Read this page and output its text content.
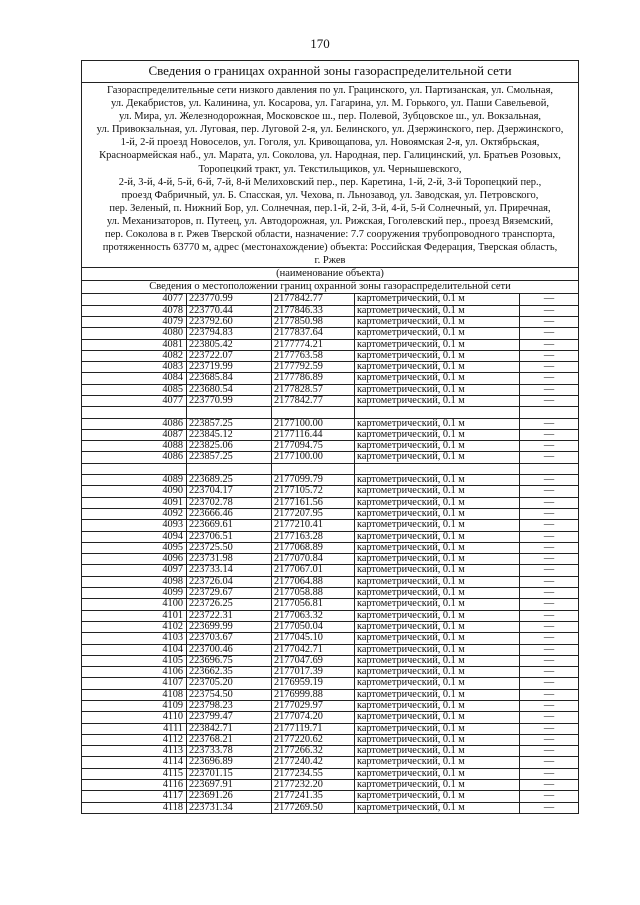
170
Сведения о границах охранной зоны газораспределительной сети
Газораспределительные сети низкого давления по ул. Грацинского, ул. Партизанская, ул. Смольная,
ул. Декабристов, ул. Калинина, ул. Косарова, ул. Гагарина, ул. М. Горького, ул. Паши Савельевой,
ул. Мира, ул. Железнодорожная, Московское ш., пер. Полевой, Зубцовское ш., ул. Вокзальная,
ул. Привокзальная, ул. Луговая, пер. Луговой 2-я, ул. Белинского, ул. Дзержинского, пер. Дзержинского,
1-й, 2-й проезд Новоселов, ул. Гоголя, ул. Кривощапова, ул. Новоямская 2-я, ул. Октябрьская,
Красноармейская наб., ул. Марата, ул. Соколова, ул. Народная, пер. Галицинский, ул. Братьев Розовых,
Торопецкий тракт, ул. Текстильщиков, ул. Чернышевского,
2-й, 3-й, 4-й, 5-й, 6-й, 7-й, 8-й Мелиховский пер., пер. Каретина, 1-й, 2-й, 3-й Торопецкий пер.,
проезд Фабричный, ул. Б. Спасская, ул. Чехова, п. Льнозавод, ул. Заводская, ул. Петровского,
пер. Зеленый, п. Нижний Бор, ул. Солнечная, пер.1-й, 2-й, 3-й, 4-й, 5-й Солнечный, ул. Приречная,
ул. Механизаторов, п. Путеец, ул. Автодорожная, ул. Рижская, Гоголевский пер., проезд Вяземский,
пер. Соколова в г. Ржев Тверской области, назначение: 7.7 сооружения трубопроводного транспорта,
протяженность 63770 м, адрес (местонахождение) объекта: Российская Федерация, Тверская область,
г. Ржев
(наименование объекта)
Сведения о местоположении границ охранной зоны газораспределительной сети
4077	223770.99	2177842.77	картометрический, 0.1 м	—
4078	223770.44	2177846.33	картометрический, 0.1 м	—
4079	223792.60	2177850.98	картометрический, 0.1 м	—
4080	223794.83	2177837.64	картометрический, 0.1 м	—
4081	223805.42	2177774.21	картометрический, 0.1 м	—
4082	223722.07	2177763.58	картометрический, 0.1 м	—
4083	223719.99	2177792.59	картометрический, 0.1 м	—
4084	223685.84	2177786.89	картометрический, 0.1 м	—
4085	223680.54	2177828.57	картометрический, 0.1 м	—
4077	223770.99	2177842.77	картометрический, 0.1 м	—

4086	223857.25	2177100.00	картометрический, 0.1 м	—
4087	223845.12	2177116.44	картометрический, 0.1 м	—
4088	223825.06	2177094.75	картометрический, 0.1 м	—
4086	223857.25	2177100.00	картометрический, 0.1 м	—

4089	223689.25	2177099.79	картометрический, 0.1 м	—
4090	223704.17	2177105.72	картометрический, 0.1 м	—
4091	223702.78	2177161.56	картометрический, 0.1 м	—
4092	223666.46	2177207.95	картометрический, 0.1 м	—
4093	223669.61	2177210.41	картометрический, 0.1 м	—
4094	223706.51	2177163.28	картометрический, 0.1 м	—
4095	223725.50	2177068.89	картометрический, 0.1 м	—
4096	223731.98	2177070.84	картометрический, 0.1 м	—
4097	223733.14	2177067.01	картометрический, 0.1 м	—
4098	223726.04	2177064.88	картометрический, 0.1 м	—
4099	223729.67	2177058.88	картометрический, 0.1 м	—
4100	223726.25	2177056.81	картометрический, 0.1 м	—
4101	223722.31	2177063.32	картометрический, 0.1 м	—
4102	223699.99	2177050.04	картометрический, 0.1 м	—
4103	223703.67	2177045.10	картометрический, 0.1 м	—
4104	223700.46	2177042.71	картометрический, 0.1 м	—
4105	223696.75	2177047.69	картометрический, 0.1 м	—
4106	223662.35	2177017.39	картометрический, 0.1 м	—
4107	223705.20	2176959.19	картометрический, 0.1 м	—
4108	223754.50	2176999.88	картометрический, 0.1 м	—
4109	223798.23	2177029.97	картометрический, 0.1 м	—
4110	223799.47	2177074.20	картометрический, 0.1 м	—
4111	223842.71	2177119.71	картометрический, 0.1 м	—
4112	223768.21	2177220.62	картометрический, 0.1 м	—
4113	223733.78	2177266.32	картометрический, 0.1 м	—
4114	223696.89	2177240.42	картометрический, 0.1 м	—
4115	223701.15	2177234.55	картометрический, 0.1 м	—
4116	223697.91	2177232.20	картометрический, 0.1 м	—
4117	223691.26	2177241.35	картометрический, 0.1 м	—
4118	223731.34	2177269.50	картометрический, 0.1 м	—
